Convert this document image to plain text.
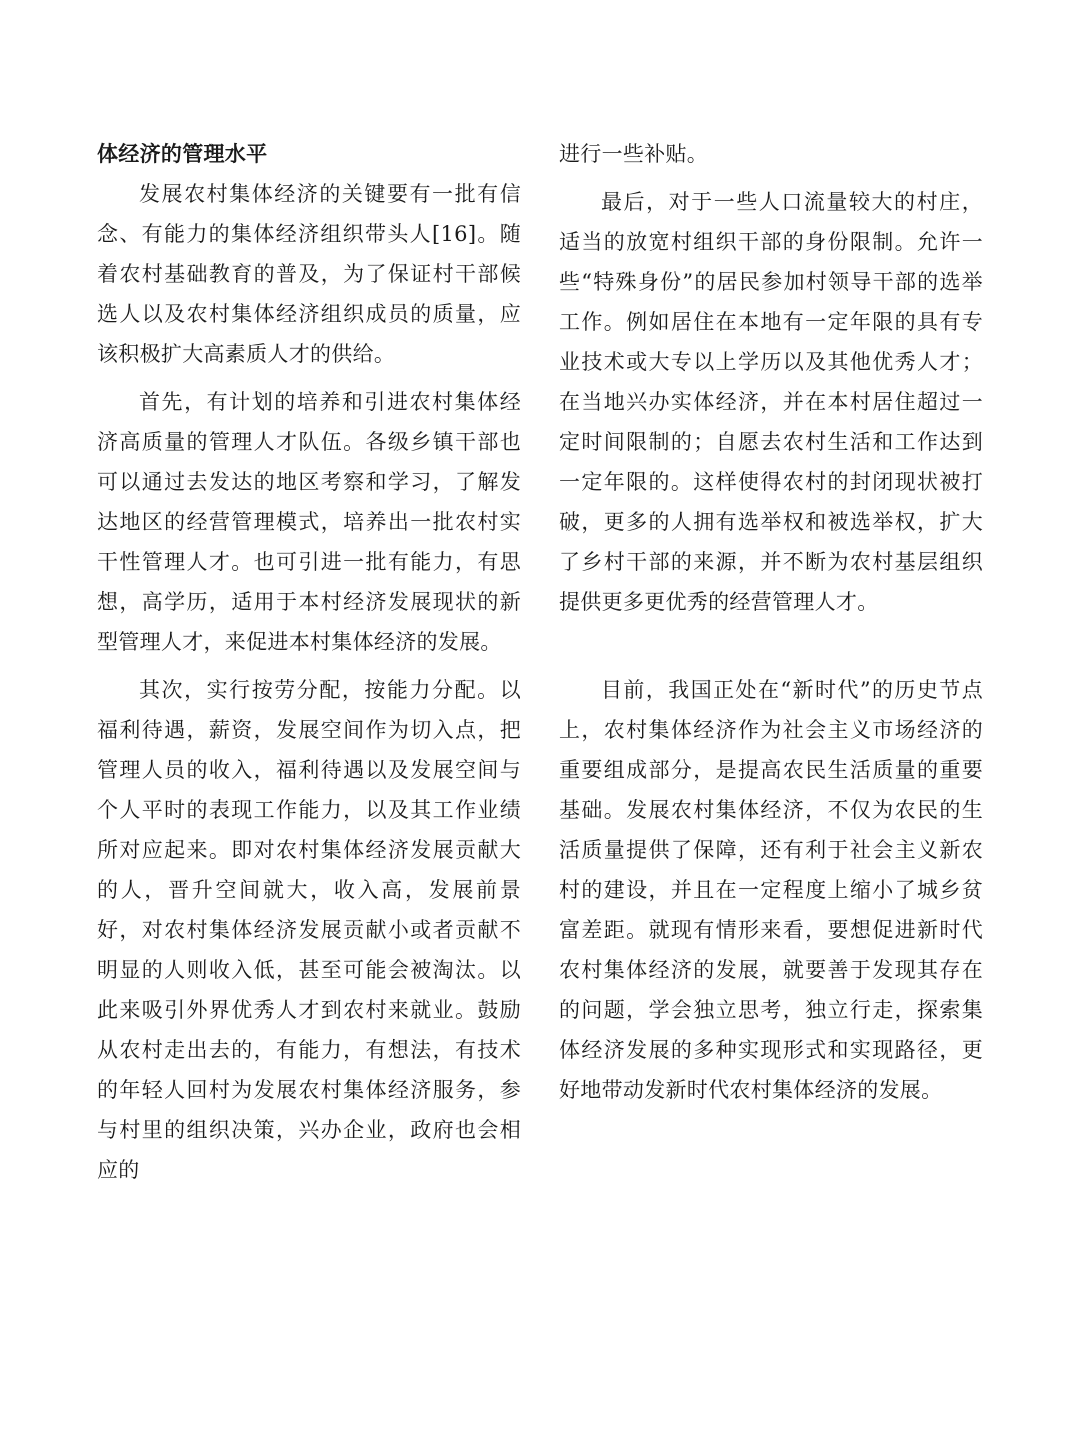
体经济的管理水平

发展农村集体经济的关键要有一批有信念、有能力的集体经济组织带头人[16]。随着农村基础教育的普及，为了保证村干部候选人以及农村集体经济组织成员的质量，应该积极扩大高素质人才的供给。

首先，有计划的培养和引进农村集体经济高质量的管理人才队伍。各级乡镇干部也可以通过去发达的地区考察和学习，了解发达地区的经营管理模式，培养出一批农村实干性管理人才。也可引进一批有能力，有思想，高学历，适用于本村经济发展现状的新型管理人才，来促进本村集体经济的发展。

其次，实行按劳分配，按能力分配。以福利待遇，薪资，发展空间作为切入点，把管理人员的收入，福利待遇以及发展空间与个人平时的表现工作能力，以及其工作业绩所对应起来。即对农村集体经济发展贡献大的人，晋升空间就大，收入高，发展前景好，对农村集体经济发展贡献小或者贡献不明显的人则收入低，甚至可能会被淘汰。以此来吸引外界优秀人才到农村来就业。鼓励从农村走出去的，有能力，有想法，有技术的年轻人回村为发展农村集体经济服务，参与村里的组织决策，兴办企业，政府也会相应的

进行一些补贴。

最后，对于一些人口流量较大的村庄，适当的放宽村组织干部的身份限制。允许一些“特殊身份”的居民参加村领导干部的选举工作。例如居住在本地有一定年限的具有专业技术或大专以上学历以及其他优秀人才；在当地兴办实体经济，并在本村居住超过一定时间限制的；自愿去农村生活和工作达到一定年限的。这样使得农村的封闭现状被打破，更多的人拥有选举权和被选举权，扩大了乡村干部的来源，并不断为农村基层组织提供更多更优秀的经营管理人才。

目前，我国正处在“新时代”的历史节点上，农村集体经济作为社会主义市场经济的重要组成部分，是提高农民生活质量的重要基础。发展农村集体经济，不仅为农民的生活质量提供了保障，还有利于社会主义新农村的建设，并且在一定程度上缩小了城乡贫富差距。就现有情形来看，要想促进新时代农村集体经济的发展，就要善于发现其存在的问题，学会独立思考，独立行走，探索集体经济发展的多种实现形式和实现路径，更好地带动发新时代农村集体经济的发展。
